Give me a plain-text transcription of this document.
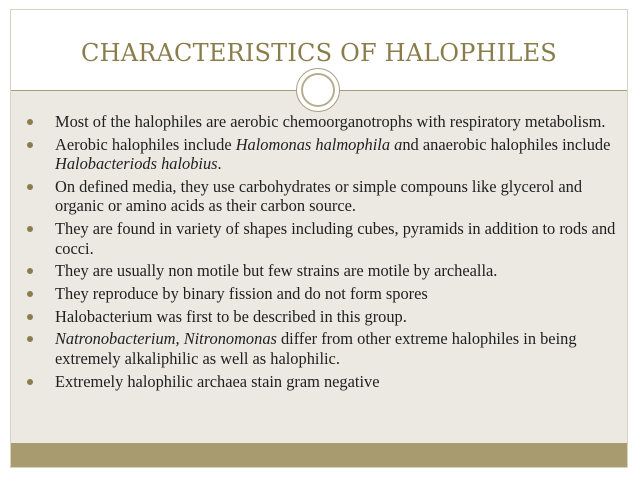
CHARACTERISTICS OF HALOPHILES
Most of the halophiles are aerobic chemoorganotrophs with respiratory metabolism.
Aerobic halophiles include Halomonas halmophila and anaerobic halophiles include Halobacteriods halobius.
On defined media, they use carbohydrates or simple compouns like glycerol and organic or amino acids as their carbon source.
They are found in variety of shapes including cubes, pyramids in addition to rods and cocci.
They are usually non motile but few strains are motile by archealla.
They reproduce by binary fission and do not form spores
Halobacterium was first to be described in this group.
Natronobacterium, Nitronomonas differ from other extreme halophiles in being extremely alkaliphilic as well as halophilic.
Extremely halophilic archaea stain gram negative
